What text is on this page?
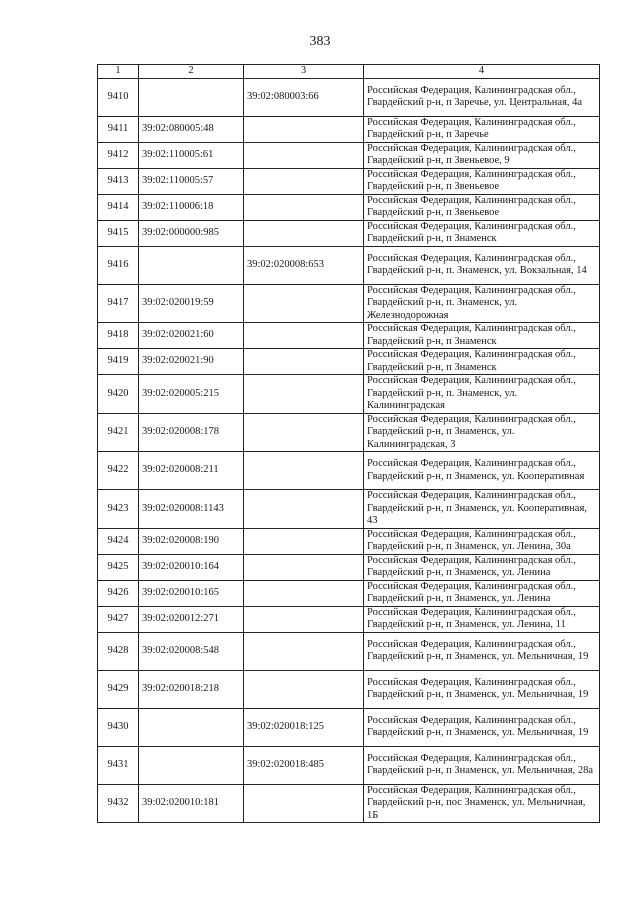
383
1	2	3	4
9410		39:02:080003:66	Российская Федерация, Калининградская обл., Гвардейский р-н, п Заречье, ул. Центральная, 4а
9411	39:02:080005:48		Российская Федерация, Калининградская обл., Гвардейский р-н, п Заречье
9412	39:02:110005:61		Российская Федерация, Калининградская обл., Гвардейский р-н, п Звеньевое, 9
9413	39:02:110005:57		Российская Федерация, Калининградская обл., Гвардейский р-н, п Звеньевое
9414	39:02:110006:18		Российская Федерация, Калининградская обл., Гвардейский р-н, п Звеньевое
9415	39:02:000000:985		Российская Федерация, Калининградская обл., Гвардейский р-н, п Знаменск
9416		39:02:020008:653	Российская Федерация, Калининградская обл., Гвардейский р-н, п. Знаменск, ул. Вокзальная, 14
9417	39:02:020019:59		Российская Федерация, Калининградская обл., Гвардейский р-н, п. Знаменск, ул. Железнодорожная
9418	39:02:020021:60		Российская Федерация, Калининградская обл., Гвардейский р-н, п Знаменск
9419	39:02:020021:90		Российская Федерация, Калининградская обл., Гвардейский р-н, п Знаменск
9420	39:02:020005:215		Российская Федерация, Калининградская обл., Гвардейский р-н, п. Знаменск, ул. Калининградская
9421	39:02:020008:178		Российская Федерация, Калининградская обл., Гвардейский р-н, п Знаменск, ул. Калининградская, 3
9422	39:02:020008:211		Российская Федерация, Калининградская обл., Гвардейский р-н, п Знаменск, ул. Кооперативная
9423	39:02:020008:1143		Российская Федерация, Калининградская обл., Гвардейский р-н, п Знаменск, ул. Кооперативная, 43
9424	39:02:020008:190		Российская Федерация, Калининградская обл., Гвардейский р-н, п Знаменск, ул. Ленина, 30а
9425	39:02:020010:164		Российская Федерация, Калининградская обл., Гвардейский р-н, п Знаменск, ул. Ленина
9426	39:02:020010:165		Российская Федерация, Калининградская обл., Гвардейский р-н, п Знаменск, ул. Ленина
9427	39:02:020012:271		Российская Федерация, Калининградская обл., Гвардейский р-н, п Знаменск, ул. Ленина, 11
9428	39:02:020008:548		Российская Федерация, Калининградская обл., Гвардейский р-н, п Знаменск, ул. Мельничная, 19
9429	39:02:020018:218		Российская Федерация, Калининградская обл., Гвардейский р-н, п Знаменск, ул. Мельничная, 19
9430		39:02:020018:125	Российская Федерация, Калининградская обл., Гвардейский р-н, п Знаменск, ул. Мельничная, 19
9431		39:02:020018:485	Российская Федерация, Калининградская обл., Гвардейский р-н, п Знаменск, ул. Мельничная, 28а
9432	39:02:020010:181		Российская Федерация, Калининградская обл., Гвардейский р-н, пос Знаменск, ул. Мельничная, 1Б
